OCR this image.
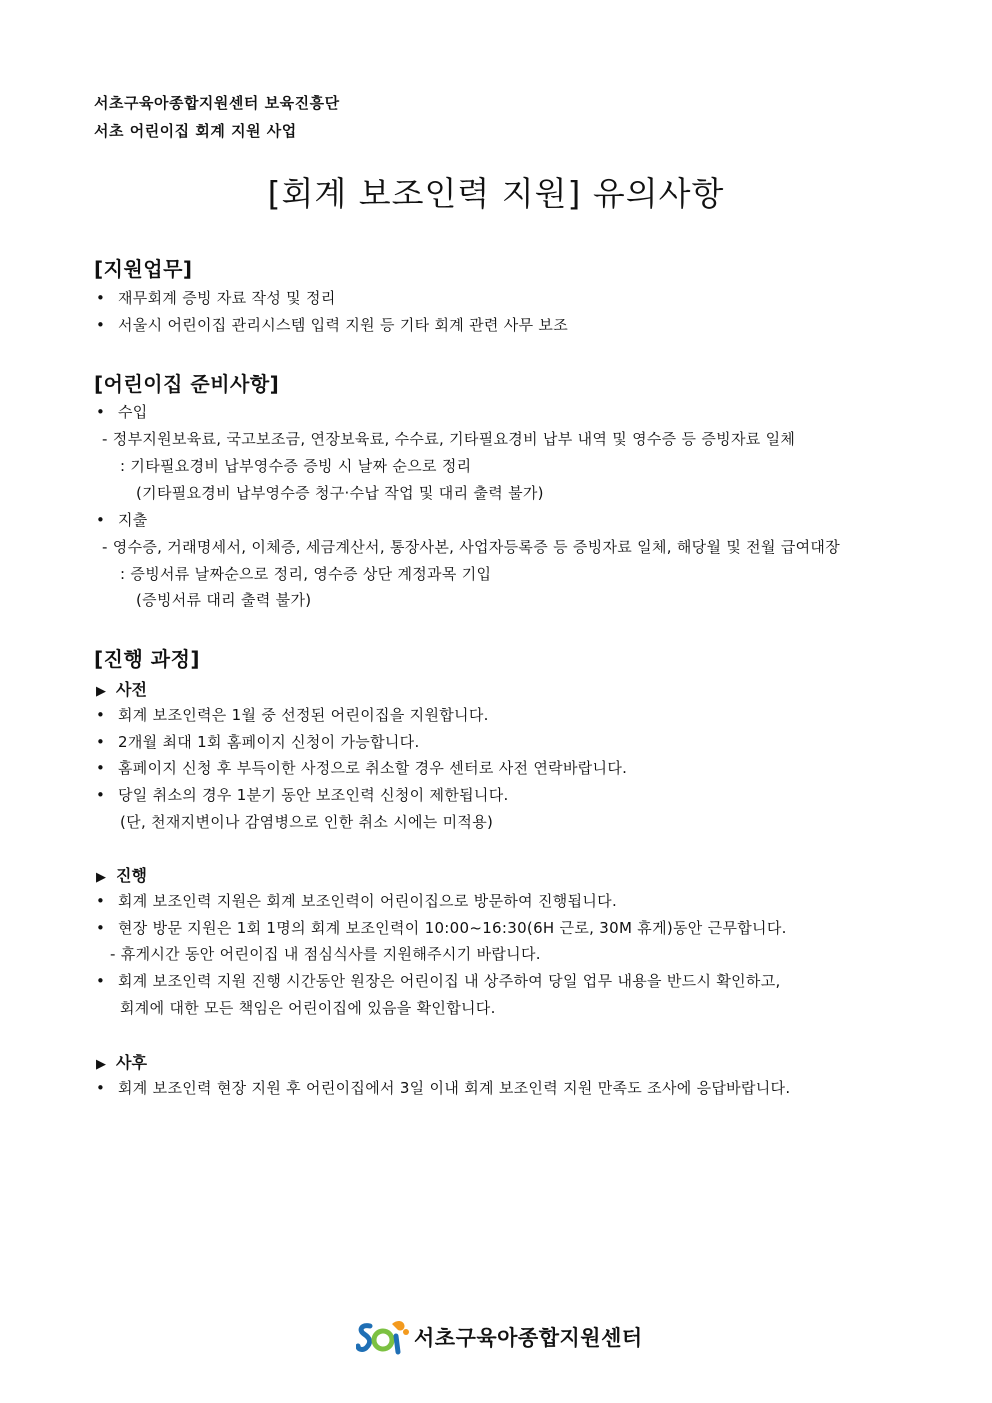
서초구육아종합지원센터 보육진흥단
서초 어린이집 회계 지원 사업
[회계 보조인력 지원] 유의사항
[지원업무]
• 재무회계 증빙 자료 작성 및 정리
• 서울시 어린이집 관리시스템 입력 지원 등 기타 회계 관련 사무 보조
[어린이집 준비사항]
• 수입
- 정부지원보육료, 국고보조금, 연장보육료, 수수료, 기타필요경비 납부 내역 및 영수증 등 증빙자료 일체
: 기타필요경비 납부영수증 증빙 시 날짜 순으로 정리
(기타필요경비 납부영수증 청구·수납 작업 및 대리 출력 불가)
• 지출
- 영수증, 거래명세서, 이체증, 세금계산서, 통장사본, 사업자등록증 등 증빙자료 일체, 해당월 및 전월 급여대장
: 증빙서류 날짜순으로 정리, 영수증 상단 계정과목 기입
(증빙서류 대리 출력 불가)
[진행 과정]
▶ 사전
• 회계 보조인력은 1월 중 선정된 어린이집을 지원합니다.
• 2개월 최대 1회 홈페이지 신청이 가능합니다.
• 홈페이지 신청 후 부득이한 사정으로 취소할 경우 센터로 사전 연락바랍니다.
• 당일 취소의 경우 1분기 동안 보조인력 신청이 제한됩니다.
(단, 천재지변이나 감염병으로 인한 취소 시에는 미적용)
▶ 진행
• 회계 보조인력 지원은 회계 보조인력이 어린이집으로 방문하여 진행됩니다.
• 현장 방문 지원은 1회 1명의 회계 보조인력이 10:00~16:30(6H 근로, 30M 휴게)동안 근무합니다.
- 휴게시간 동안 어린이집 내 점심식사를 지원해주시기 바랍니다.
• 회계 보조인력 지원 진행 시간동안 원장은 어린이집 내 상주하여 당일 업무 내용을 반드시 확인하고,
회계에 대한 모든 책임은 어린이집에 있음을 확인합니다.
▶ 사후
• 회계 보조인력 현장 지원 후 어린이집에서 3일 이내 회계 보조인력 지원 만족도 조사에 응답바랍니다.
서초구육아종합지원센터
